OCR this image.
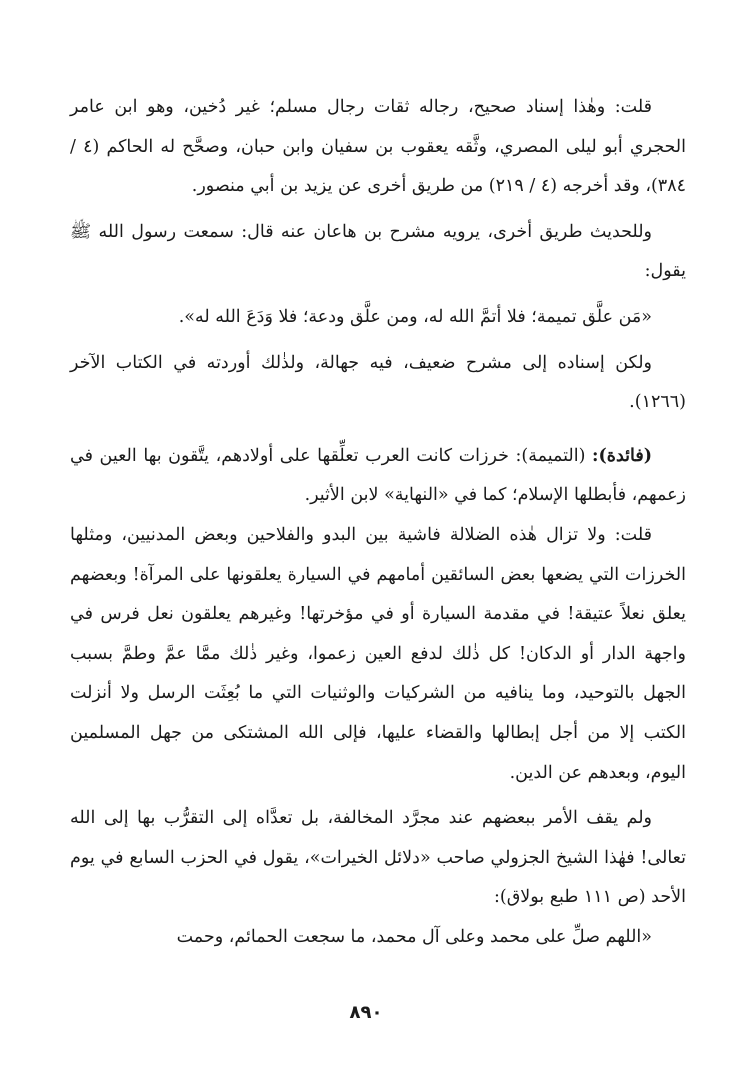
قلت: وهٰذا إسناد صحيح، رجاله ثقات رجال مسلم؛ غير دُخين، وهو ابن عامر الحجري أبو ليلى المصري، وثَّقه يعقوب بن سفيان وابن حبان، وصحَّح له الحاكم (٤ / ٣٨٤)، وقد أخرجه (٤ / ٢١٩) من طريق أخرى عن يزيد بن أبي منصور.

وللحديث طريق أخرى، يرويه مشرح بن هاعان عنه قال: سمعت رسول الله ﷺ يقول:

«مَن علَّق تميمة؛ فلا أتمَّ الله له، ومن علَّق ودعة؛ فلا وَدَعَ الله له».

ولكن إسناده إلى مشرح ضعيف، فيه جهالة، ولذٰلك أوردته في الكتاب الآخر (١٢٦٦).

(فائدة): (التميمة): خرزات كانت العرب تعلِّقها على أولادهم، يتَّقون بها العين في زعمهم، فأبطلها الإسلام؛ كما في «النهاية» لابن الأثير.

قلت: ولا تزال هٰذه الضلالة فاشية بين البدو والفلاحين وبعض المدنيين، ومثلها الخرزات التي يضعها بعض السائقين أمامهم في السيارة يعلقونها على المرآة! وبعضهم يعلق نعلاً عتيقة! في مقدمة السيارة أو في مؤخرتها! وغيرهم يعلقون نعل فرس في واجهة الدار أو الدكان! كل ذٰلك لدفع العين زعموا، وغير ذٰلك ممَّا عمَّ وطمَّ بسبب الجهل بالتوحيد، وما ينافيه من الشركيات والوثنيات التي ما بُعِثَت الرسل ولا أنزلت الكتب إلا من أجل إبطالها والقضاء عليها، فإلى الله المشتكى من جهل المسلمين اليوم، وبعدهم عن الدين.

ولم يقف الأمر ببعضهم عند مجرَّد المخالفة، بل تعدَّاه إلى التقرُّب بها إلى الله تعالى! فهٰذا الشيخ الجزولي صاحب «دلائل الخيرات»، يقول في الحزب السابع في يوم الأحد (ص ١١١ طبع بولاق):

«اللهم صلِّ على محمد وعلى آل محمد، ما سجعت الحمائم، وحمت

٨٩٠
